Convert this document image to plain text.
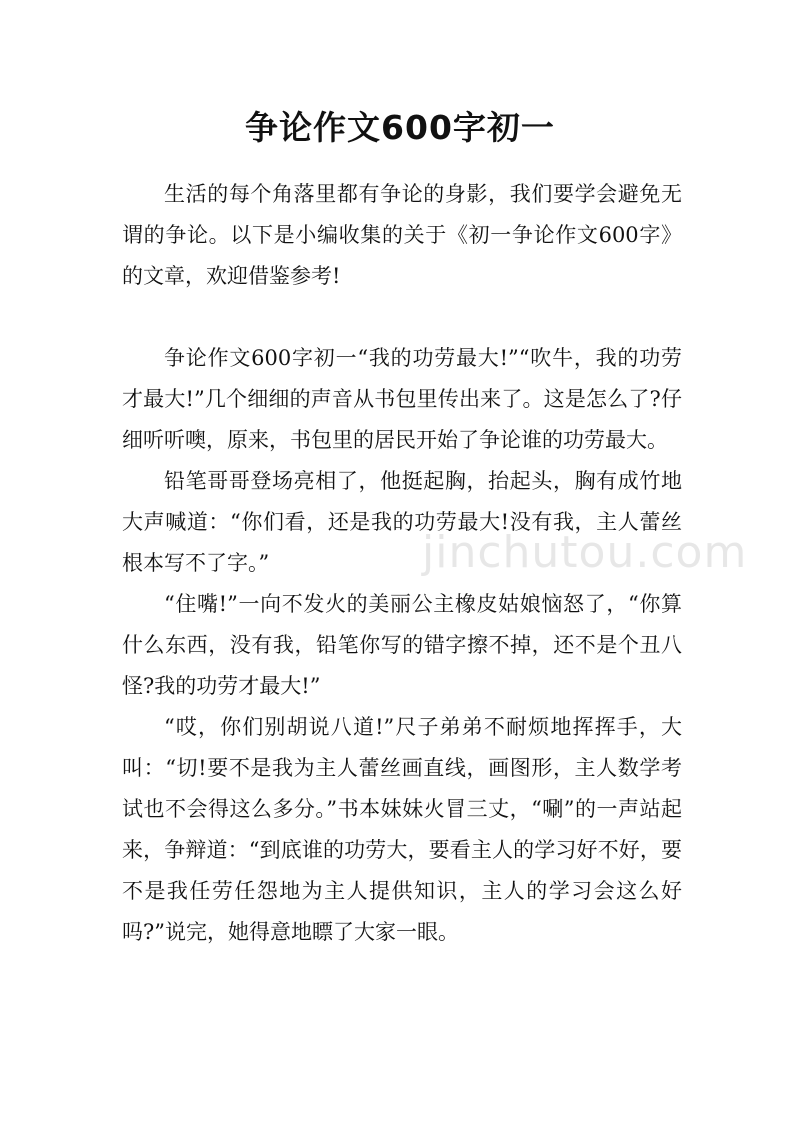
争论作文600字初一

生活的每个角落里都有争论的身影，我们要学会避免无谓的争论。以下是小编收集的关于《初一争论作文600字》的文章，欢迎借鉴参考!

争论作文600字初一“我的功劳最大!”“吹牛，我的功劳才最大!”几个细细的声音从书包里传出来了。这是怎么了?仔细听听噢，原来，书包里的居民开始了争论谁的功劳最大。

铅笔哥哥登场亮相了，他挺起胸，抬起头，胸有成竹地大声喊道：“你们看，还是我的功劳最大!没有我，主人蕾丝根本写不了字。”

“住嘴!”一向不发火的美丽公主橡皮姑娘恼怒了，“你算什么东西，没有我，铅笔你写的错字擦不掉，还不是个丑八怪?我的功劳才最大!”

“哎，你们别胡说八道!”尺子弟弟不耐烦地挥挥手，大叫：“切!要不是我为主人蕾丝画直线，画图形，主人数学考试也不会得这么多分。”书本妹妹火冒三丈，“唰”的一声站起来，争辩道：“到底谁的功劳大，要看主人的学习好不好，要不是我任劳任怨地为主人提供知识，主人的学习会这么好吗?”说完，她得意地瞟了大家一眼。

jinchutou.com
